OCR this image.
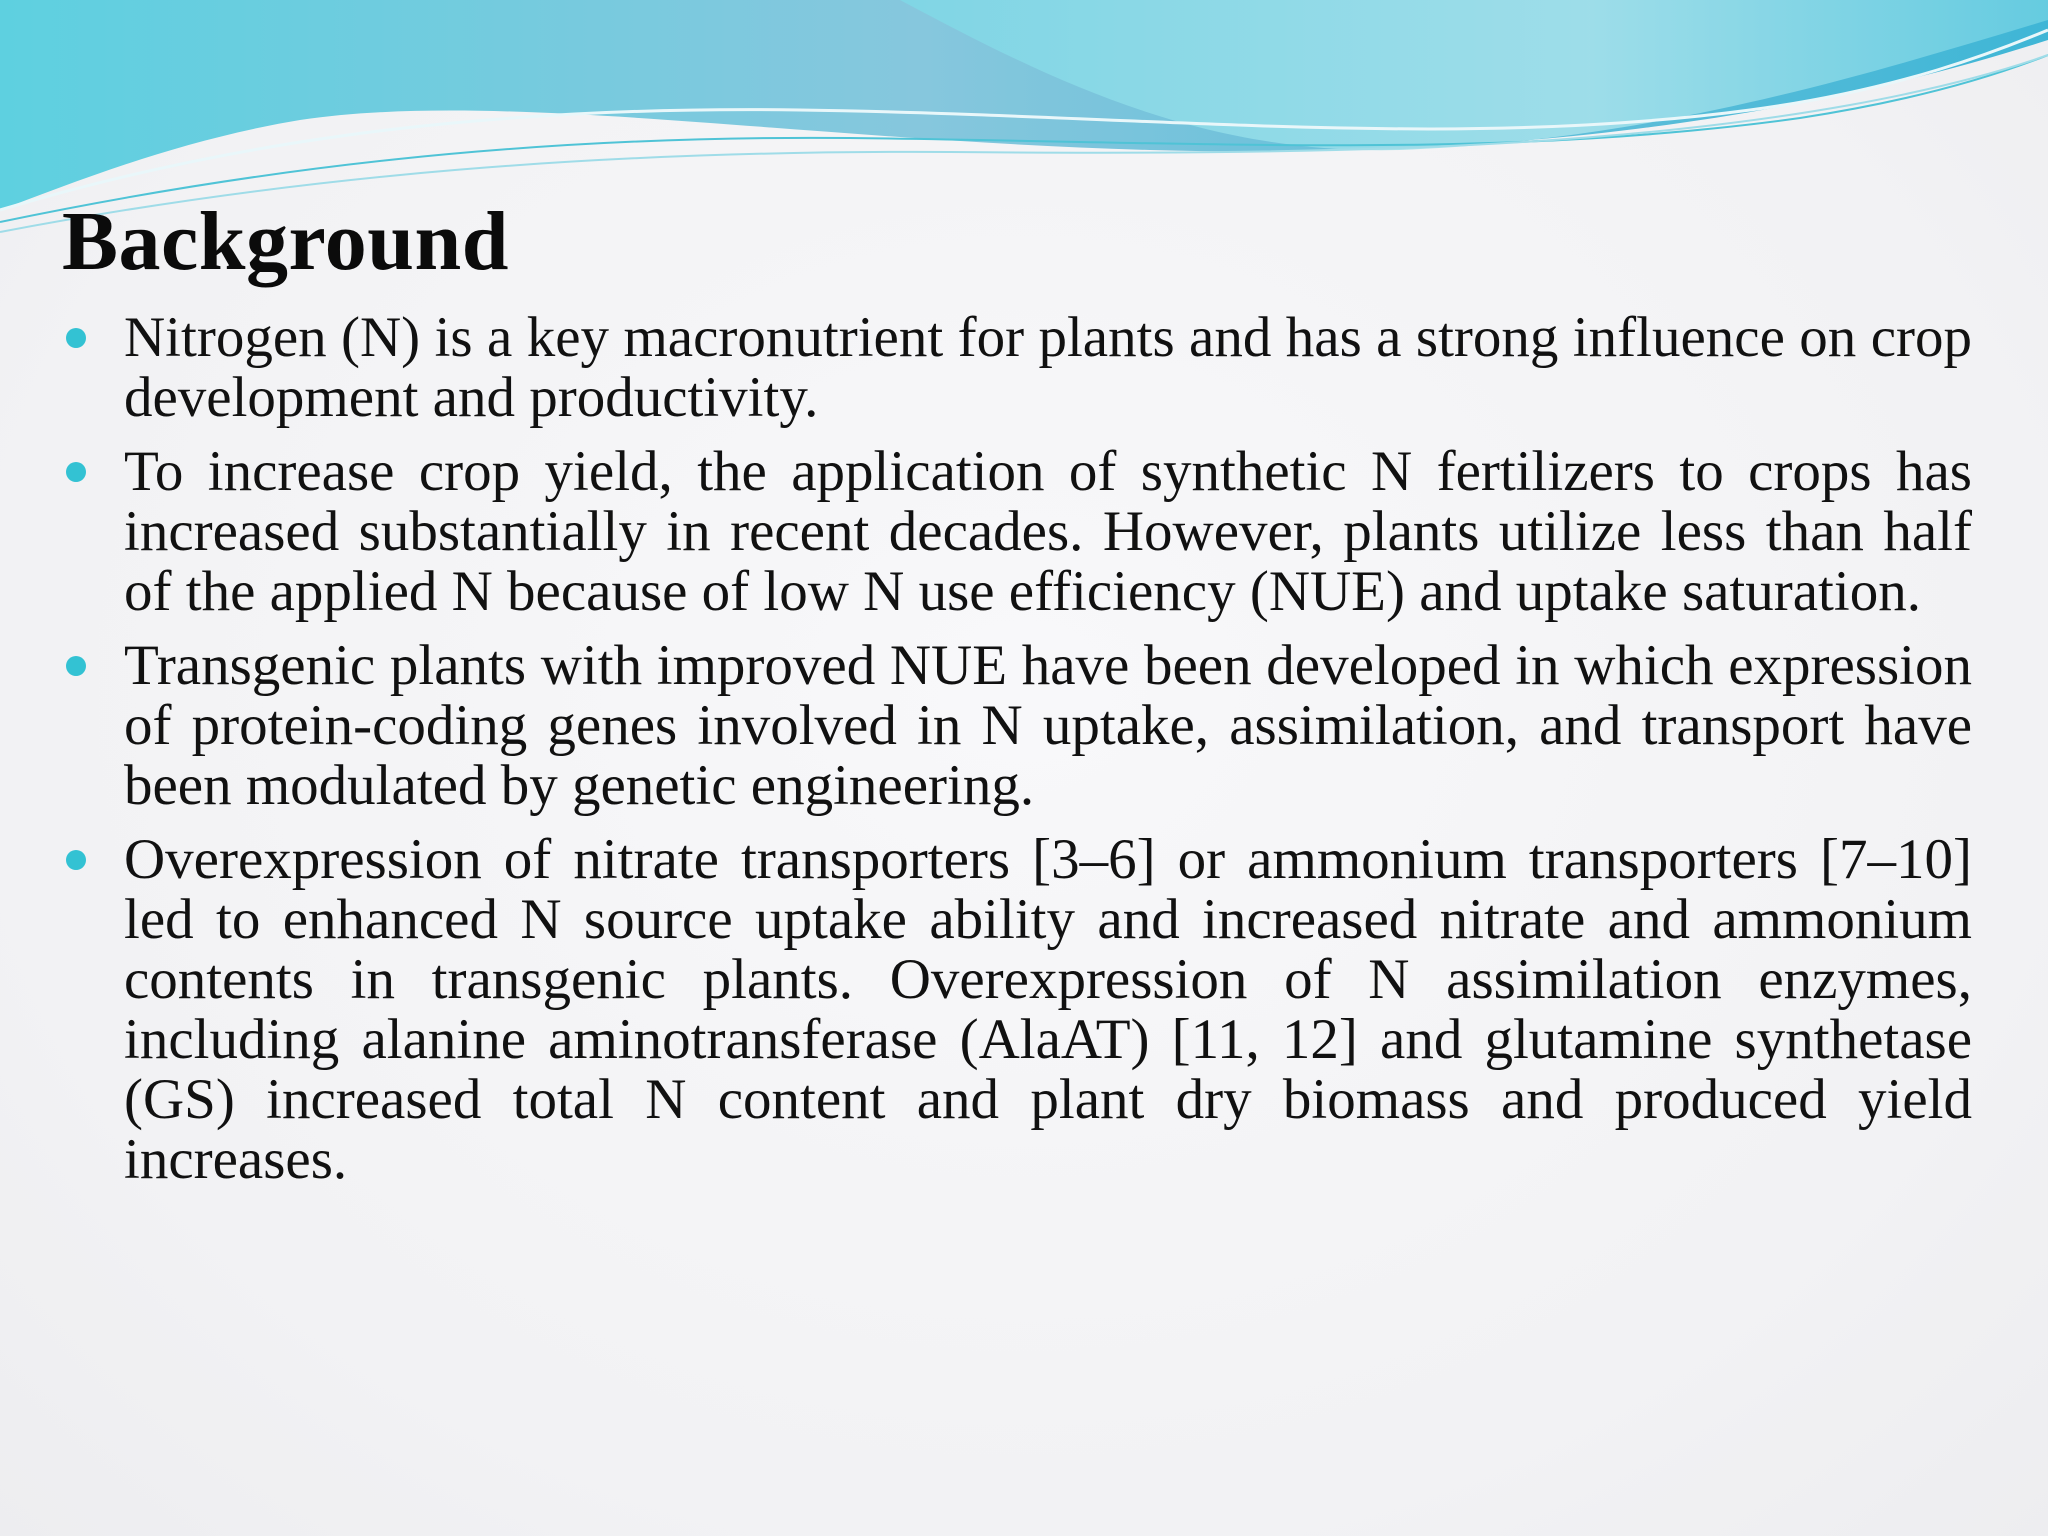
Background
Nitrogen (N) is a key macronutrient for plants and has a strong influence on crop development and productivity.
To increase crop yield, the application of synthetic N fertilizers to crops has increased substantially in recent decades. However, plants utilize less than half of the applied N because of low N use efficiency (NUE) and uptake saturation.
Transgenic plants with improved NUE have been developed in which expression of protein-coding genes involved in N uptake, assimilation, and transport have been modulated by genetic engineering.
Overexpression of nitrate transporters [3–6] or ammonium transporters [7–10] led to enhanced N source uptake ability and increased nitrate and ammonium contents in transgenic plants. Overexpression of N assimilation enzymes, including alanine aminotransferase (AlaAT) [11, 12] and glutamine synthetase (GS) increased total N content and plant dry biomass and produced yield increases.
